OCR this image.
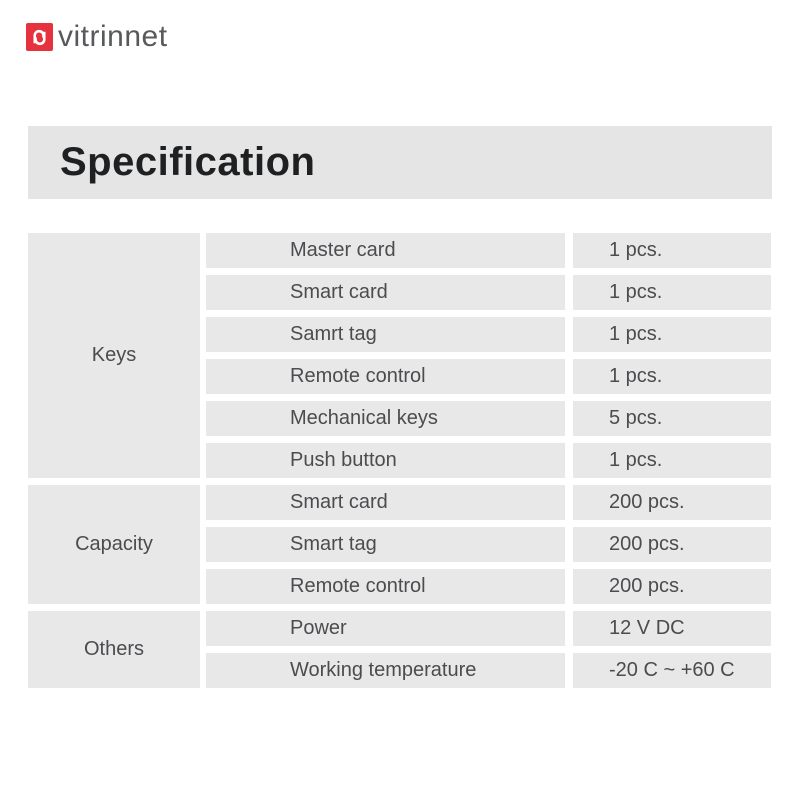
vitrinnet
Specification
Keys
Master card	1 pcs.
Smart card	1 pcs.
Samrt tag	1 pcs.
Remote control	1 pcs.
Mechanical keys	5 pcs.
Push button	1 pcs.
Capacity
Smart card	200 pcs.
Smart tag	200 pcs.
Remote control	200 pcs.
Others
Power	12 V DC
Working temperature	-20 C ~ +60 C
